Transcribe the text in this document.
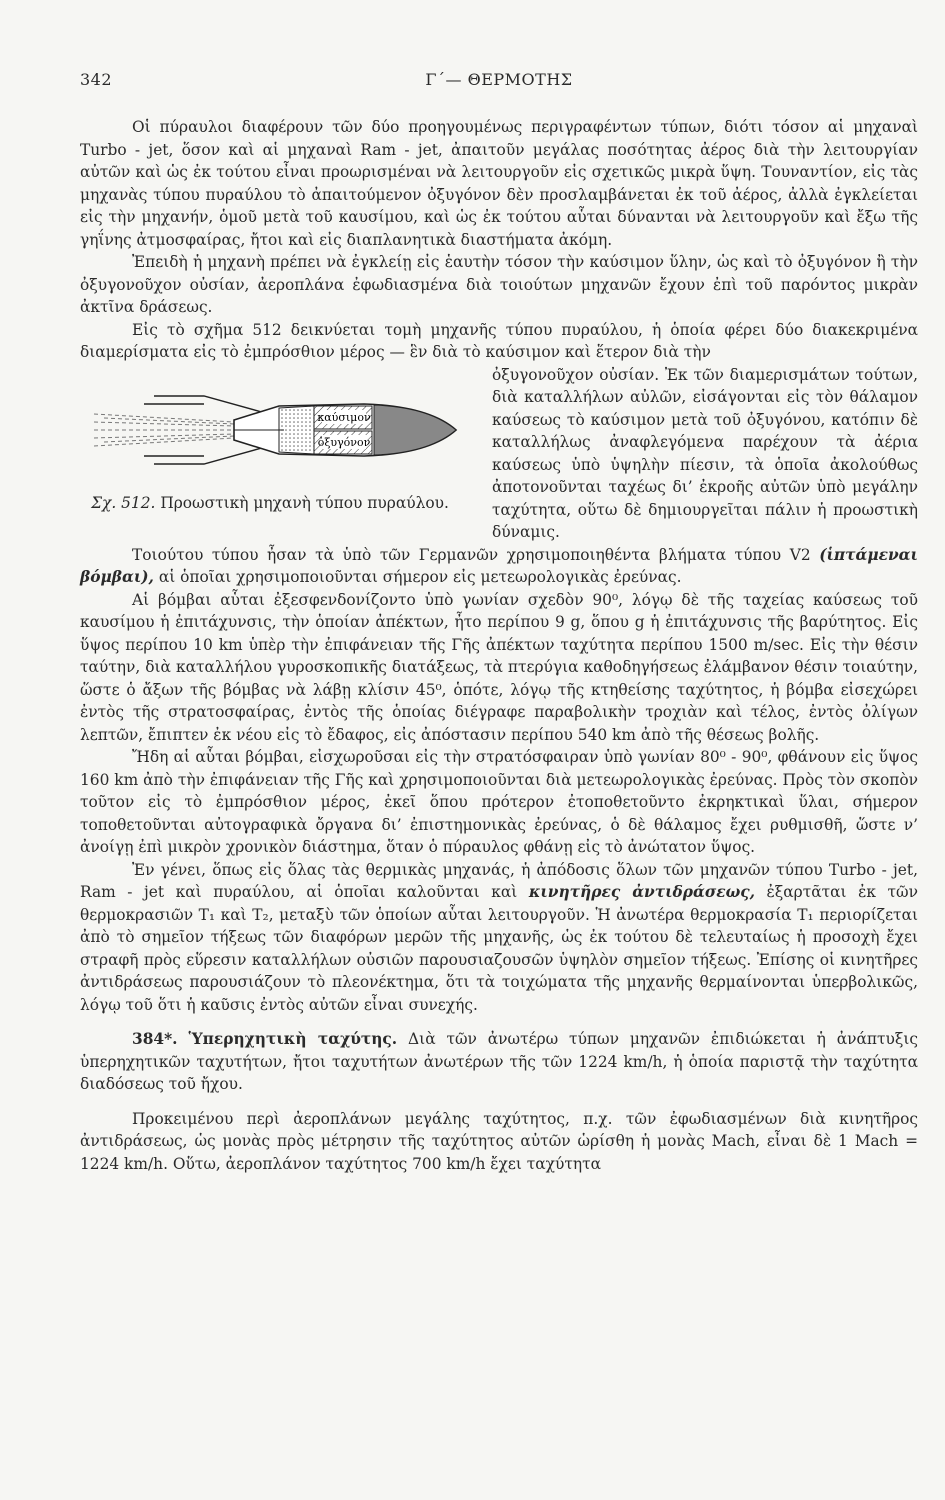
342	Γ΄— ΘΕΡΜΟΤΗΣ

Οἱ πύραυλοι διαφέρουν τῶν δύο προηγουμένως περιγραφέντων τύπων, διότι τόσον αἱ μηχαναὶ Turbo - jet, ὅσον καὶ αἱ μηχαναὶ Ram - jet, ἀπαιτοῦν μεγάλας ποσότητας ἀέρος διὰ τὴν λειτουργίαν αὐτῶν καὶ ὡς ἐκ τούτου εἶναι προωρισμέναι νὰ λειτουργοῦν εἰς σχετικῶς μικρὰ ὕψη. Τουναντίον, εἰς τὰς μηχανὰς τύπου πυραύλου τὸ ἀπαιτούμενον ὀξυγόνον δὲν προσλαμβάνεται ἐκ τοῦ ἀέρος, ἀλλὰ ἐγκλείεται εἰς τὴν μηχανήν, ὁμοῦ μετὰ τοῦ καυσίμου, καὶ ὡς ἐκ τούτου αὗται δύνανται νὰ λειτουργοῦν καὶ ἔξω τῆς γηΐνης ἀτμοσφαίρας, ἤτοι καὶ εἰς διαπλανητικὰ διαστήματα ἀκόμη.

Ἐπειδὴ ἡ μηχανὴ πρέπει νὰ ἐγκλείῃ εἰς ἑαυτὴν τόσον τὴν καύσιμον ὕλην, ὡς καὶ τὸ ὀξυγόνον ἢ τὴν ὀξυγονοῦχον οὐσίαν, ἀεροπλάνα ἐφωδιασμένα διὰ τοιούτων μηχανῶν ἔχουν ἐπὶ τοῦ παρόντος μικρὰν ἀκτῖνα δράσεως.

Εἰς τὸ σχῆμα 512 δεικνύεται τομὴ μηχανῆς τύπου πυραύλου, ἡ ὁποία φέρει δύο διακεκριμένα διαμερίσματα εἰς τὸ ἐμπρόσθιον μέρος — ἓν διὰ τὸ καύσιμον καὶ ἕτερον διὰ τὴν

καύσιμον
ὀξυγόνον
Σχ. 512. Προωστικὴ μηχανὴ τύπου πυραύλου.

ὀξυγονοῦχον οὐσίαν. Ἐκ τῶν διαμερισμάτων τούτων, διὰ καταλλήλων αὐλῶν, εἰσάγονται εἰς τὸν θάλαμον καύσεως τὸ καύσιμον μετὰ τοῦ ὀξυγόνου, κατόπιν δὲ καταλλήλως ἀναφλεγόμενα παρέχουν τὰ ἀέρια καύσεως ὑπὸ ὑψηλὴν πίεσιν, τὰ ὁποῖα ἀκολούθως ἀποτονοῦνται ταχέως δι’ ἐκροῆς αὐτῶν ὑπὸ μεγάλην ταχύτητα, οὕτω δὲ δημιουργεῖται πάλιν ἡ προωστικὴ δύναμις.

Τοιούτου τύπου ἦσαν τὰ ὑπὸ τῶν Γερμανῶν χρησιμοποιηθέντα βλήματα τύπου V2 (ἱπτάμεναι βόμβαι), αἱ ὁποῖαι χρησιμοποιοῦνται σήμερον εἰς μετεωρολογικὰς ἐρεύνας.

Αἱ βόμβαι αὗται ἐξεσφενδονίζοντο ὑπὸ γωνίαν σχεδὸν 90⁰, λόγῳ δὲ τῆς ταχείας καύσεως τοῦ καυσίμου ἡ ἐπιτάχυνσις, τὴν ὁποίαν ἀπέκτων, ἦτο περίπου 9 g, ὅπου g ἡ ἐπιτάχυνσις τῆς βαρύτητος. Εἰς ὕψος περίπου 10 km ὑπὲρ τὴν ἐπιφάνειαν τῆς Γῆς ἀπέκτων ταχύτητα περίπου 1500 m/sec. Εἰς τὴν θέσιν ταύτην, διὰ καταλλήλου γυροσκοπικῆς διατάξεως, τὰ πτερύγια καθοδηγήσεως ἐλάμβανον θέσιν τοιαύτην, ὥστε ὁ ἄξων τῆς βόμβας νὰ λάβῃ κλίσιν 45⁰, ὁπότε, λόγῳ τῆς κτηθείσης ταχύτητος, ἡ βόμβα εἰσεχώρει ἐντὸς τῆς στρατοσφαίρας, ἐντὸς τῆς ὁποίας διέγραφε παραβολικὴν τροχιὰν καὶ τέλος, ἐντὸς ὀλίγων λεπτῶν, ἔπιπτεν ἐκ νέου εἰς τὸ ἔδαφος, εἰς ἀπόστασιν περίπου 540 km ἀπὸ τῆς θέσεως βολῆς.

Ἤδη αἱ αὗται βόμβαι, εἰσχωροῦσαι εἰς τὴν στρατόσφαιραν ὑπὸ γωνίαν 80⁰ - 90⁰, φθάνουν εἰς ὕψος 160 km ἀπὸ τὴν ἐπιφάνειαν τῆς Γῆς καὶ χρησιμοποιοῦνται διὰ μετεωρολογικὰς ἐρεύνας. Πρὸς τὸν σκοπὸν τοῦτον εἰς τὸ ἐμπρόσθιον μέρος, ἐκεῖ ὅπου πρότερον ἐτοποθετοῦντο ἐκρηκτικαὶ ὕλαι, σήμερον τοποθετοῦνται αὐτογραφικὰ ὄργανα δι’ ἐπιστημονικὰς ἐρεύνας, ὁ δὲ θάλαμος ἔχει ρυθμισθῆ, ὥστε ν’ ἀνοίγῃ ἐπὶ μικρὸν χρονικὸν διάστημα, ὅταν ὁ πύραυλος φθάνῃ εἰς τὸ ἀνώτατον ὕψος.

Ἐν γένει, ὅπως εἰς ὅλας τὰς θερμικὰς μηχανάς, ἡ ἀπόδοσις ὅλων τῶν μηχανῶν τύπου Turbo - jet, Ram - jet καὶ πυραύλου, αἱ ὁποῖαι καλοῦνται καὶ κινητῆρες ἀντιδράσεως, ἐξαρτᾶται ἐκ τῶν θερμοκρασιῶν T₁ καὶ T₂, μεταξὺ τῶν ὁποίων αὗται λειτουργοῦν. Ἡ ἀνωτέρα θερμοκρασία T₁ περιορίζεται ἀπὸ τὸ σημεῖον τήξεως τῶν διαφόρων μερῶν τῆς μηχανῆς, ὡς ἐκ τούτου δὲ τελευταίως ἡ προσοχὴ ἔχει στραφῆ πρὸς εὕρεσιν καταλλήλων οὐσιῶν παρουσιαζουσῶν ὑψηλὸν σημεῖον τήξεως. Ἐπίσης οἱ κινητῆρες ἀντιδράσεως παρουσιάζουν τὸ πλεονέκτημα, ὅτι τὰ τοιχώματα τῆς μηχανῆς θερμαίνονται ὑπερβολικῶς, λόγῳ τοῦ ὅτι ἡ καῦσις ἐντὸς αὐτῶν εἶναι συνεχής.

384*. Ὑπερηχητικὴ ταχύτης. Διὰ τῶν ἀνωτέρω τύπων μηχανῶν ἐπιδιώκεται ἡ ἀνάπτυξις ὑπερηχητικῶν ταχυτήτων, ἤτοι ταχυτήτων ἀνωτέρων τῆς τῶν 1224 km/h, ἡ ὁποία παριστᾷ τὴν ταχύτητα διαδόσεως τοῦ ἤχου.

Προκειμένου περὶ ἀεροπλάνων μεγάλης ταχύτητος, π.χ. τῶν ἐφωδιασμένων διὰ κινητῆρος ἀντιδράσεως, ὡς μονὰς πρὸς μέτρησιν τῆς ταχύτητος αὐτῶν ὡρίσθη ἡ μονὰς Mach, εἶναι δὲ 1 Mach = 1224 km/h. Οὕτω, ἀεροπλάνον ταχύτητος 700 km/h ἔχει ταχύτητα
